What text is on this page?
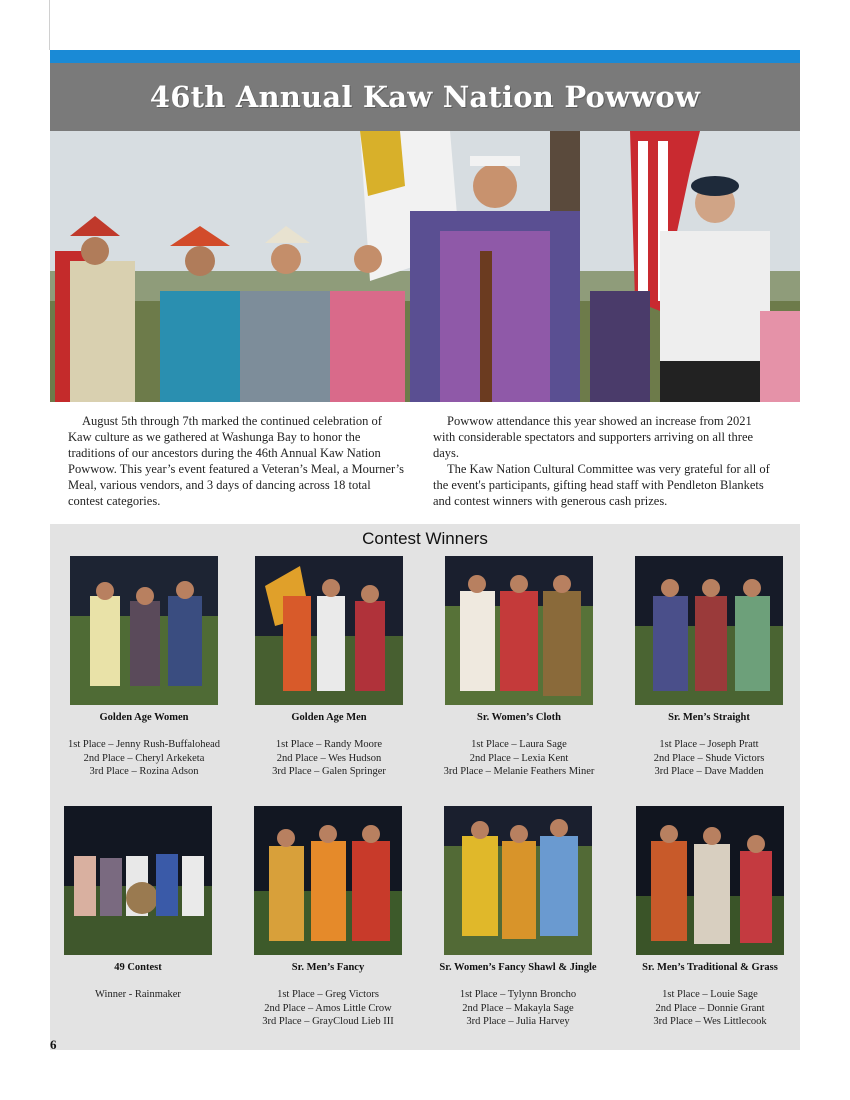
46th Annual Kaw Nation Powwow

August 5th through 7th marked the continued celebration of Kaw culture as we gathered at Washunga Bay to honor the traditions of our ancestors during the 46th Annual Kaw Nation Powwow. This year’s event featured a Veteran’s Meal, a Mourner’s Meal, various vendors, and 3 days of dancing across 18 total contest categories.

Powwow attendance this year showed an increase from 2021 with considerable spectators and supporters arriving on all three days.

The Kaw Nation Cultural Committee was very grateful for all of the event's participants, gifting head staff with Pendleton Blankets and contest winners with generous cash prizes.

Contest Winners
Golden Age Women
1st Place – Jenny Rush-Buffalohead
2nd Place – Cheryl Arkeketa
3rd Place – Rozina Adson
Golden Age Men
1st Place – Randy Moore
2nd Place – Wes Hudson
3rd Place – Galen Springer
Sr. Women’s Cloth
1st Place – Laura Sage
2nd Place – Lexia Kent
3rd Place – Melanie Feathers Miner
Sr. Men’s Straight
1st Place – Joseph Pratt
2nd Place – Shude Victors
3rd Place – Dave Madden
49 Contest
Winner - Rainmaker
Sr. Men’s Fancy
1st Place – Greg Victors
2nd Place – Amos Little Crow
3rd Place – GrayCloud Lieb III
Sr. Women’s Fancy Shawl & Jingle
1st Place – Tylynn Broncho
2nd Place – Makayla Sage
3rd Place – Julia Harvey
Sr. Men’s Traditional & Grass
1st Place – Louie Sage
2nd Place – Donnie Grant
3rd Place – Wes Littlecook
6
